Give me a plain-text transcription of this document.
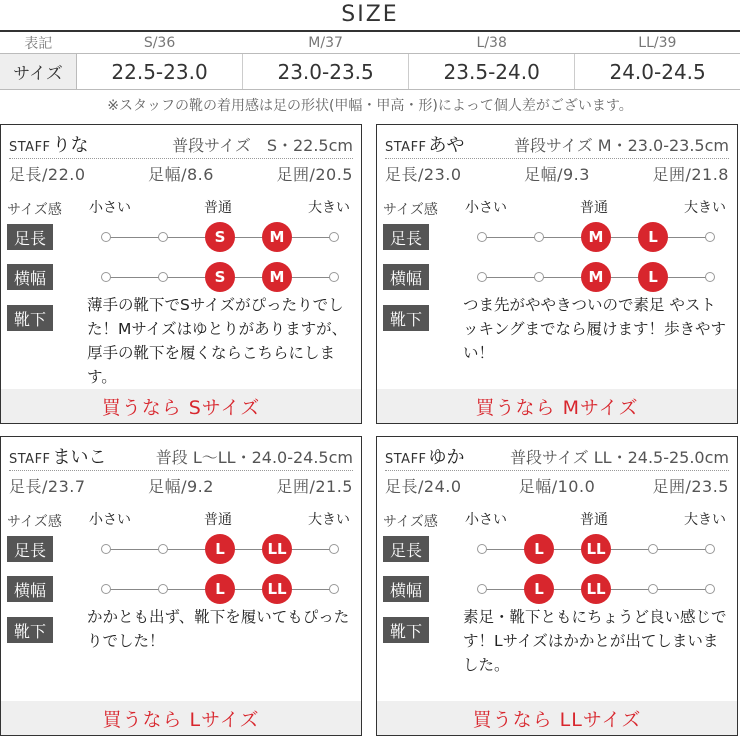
SIZE
表記	S/36	M/37	L/38	LL/39
サイズ	22.5-23.0	23.0-23.5	23.5-24.0	24.0-24.5
※スタッフの靴の着用感は足の形状(甲幅・甲高・形)によって個人差がございます。
STAFF りな	普段サイズ　S・22.5cm
足長/22.0	足幅/8.6	足囲/20.5
サイズ感 小さい	普通	大きい
足長	S	M
横幅	S	M
靴下
薄手の靴下でSサイズがぴったりでした！Mサイズはゆとりがありますが、厚手の靴下を履くならこちらにします。
買うなら Sサイズ
STAFF あや	普段サイズ M・23.0-23.5cm
足長/23.0	足幅/9.3	足囲/21.8
サイズ感 小さい	普通	大きい
足長	M	L
横幅	M	L
靴下
つま先がややきついので素足 やストッキングまでなら履けます！歩きやすい！
買うなら Mサイズ
STAFF まいこ	普段 L〜LL・24.0-24.5cm
足長/23.7	足幅/9.2	足囲/21.5
サイズ感 小さい	普通	大きい
足長	L	LL
横幅	L	LL
靴下
かかとも出ず、靴下を履いてもぴったりでした！
買うなら Lサイズ
STAFF ゆか	普段サイズ LL・24.5-25.0cm
足長/24.0	足幅/10.0	足囲/23.5
サイズ感 小さい	普通	大きい
足長	L	LL
横幅	L	LL
靴下
素足・靴下ともにちょうど良い感じです！Lサイズはかかとが出てしまいました。
買うなら LLサイズ
